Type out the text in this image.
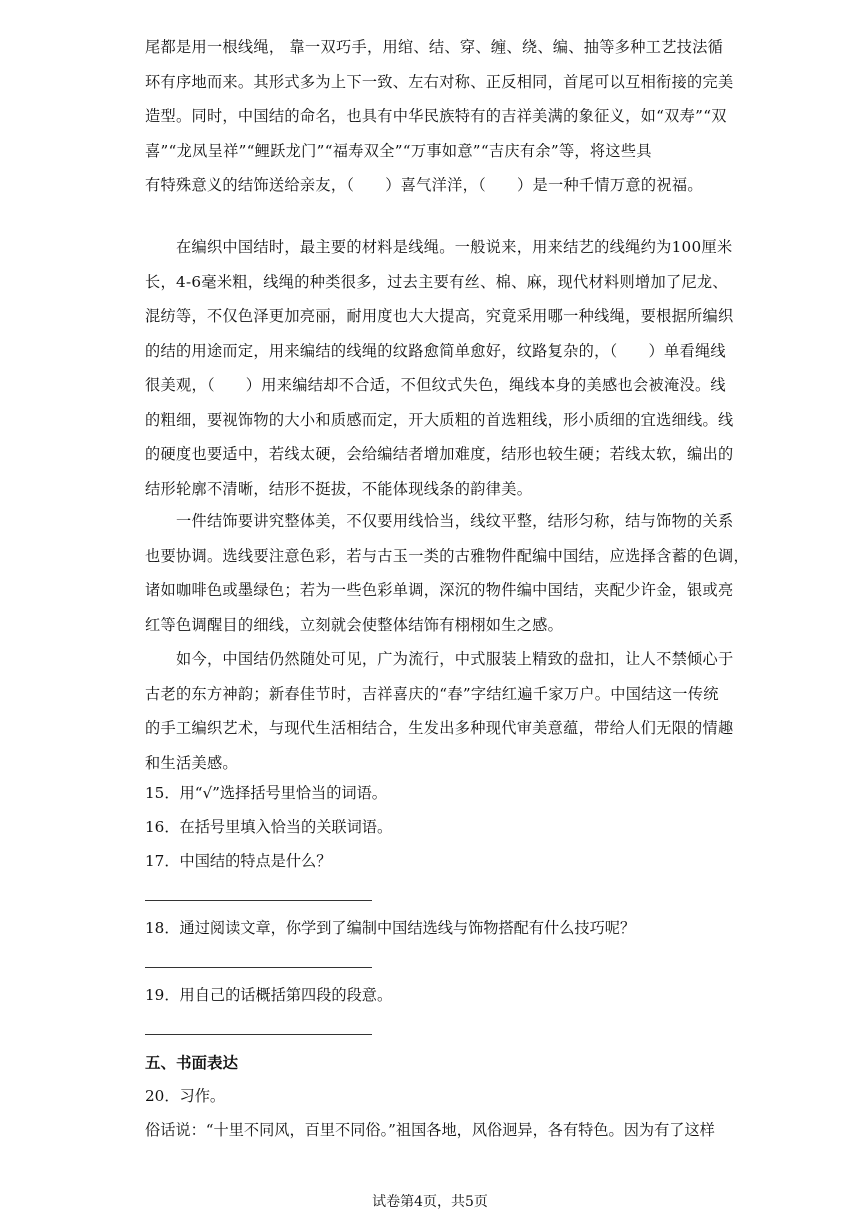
尾都是用一根线绳， 靠一双巧手，用绾、结、穿、缠、绕、编、抽等多种工艺技法循
环有序地而来。其形式多为上下一致、左右对称、正反相同，首尾可以互相衔接的完美
造型。同时，中国结的命名，也具有中华民族特有的吉祥美满的象征义，如“双寿”“双
喜”“龙凤呈祥”“鲤跃龙门”“福寿双全”“万事如意”“吉庆有余”等，将这些具
有特殊意义的结饰送给亲友，（　　）喜气洋洋，（　　）是一种千情万意的祝福。
　　在编织中国结时，最主要的材料是线绳。一般说来，用来结艺的线绳约为100厘米
长，4-6毫米粗，线绳的种类很多，过去主要有丝、棉、麻，现代材料则增加了尼龙、
混纺等，不仅色泽更加亮丽，耐用度也大大提高，究竟采用哪一种线绳，要根据所编织
的结的用途而定，用来编结的线绳的纹路愈简单愈好，纹路复杂的，（　　）单看绳线
很美观，（　　）用来编结却不合适，不但纹式失色，绳线本身的美感也会被淹没。线
的粗细，要视饰物的大小和质感而定，开大质粗的首选粗线，形小质细的宜选细线。线
的硬度也要适中，若线太硬，会给编结者增加难度，结形也较生硬；若线太软，编出的
结形轮廓不清晰，结形不挺拔，不能体现线条的韵律美。
　　一件结饰要讲究整体美，不仅要用线恰当，线纹平整，结形匀称，结与饰物的关系
也要协调。选线要注意色彩，若与古玉一类的古雅物件配编中国结，应选择含蓄的色调，
诸如咖啡色或墨绿色；若为一些色彩单调，深沉的物件编中国结，夹配少许金，银或亮
红等色调醒目的细线，立刻就会使整体结饰有栩栩如生之感。
　　如今，中国结仍然随处可见，广为流行，中式服装上精致的盘扣，让人不禁倾心于
古老的东方神韵；新春佳节时，吉祥喜庆的“春”字结红遍千家万户。中国结这一传统
的手工编织艺术，与现代生活相结合，生发出多种现代审美意蕴，带给人们无限的情趣
和生活美感。
15．用“√”选择括号里恰当的词语。
16．在括号里填入恰当的关联词语。
17．中国结的特点是什么？
18．通过阅读文章，你学到了编制中国结选线与饰物搭配有什么技巧呢？
19．用自己的话概括第四段的段意。
五、书面表达
20．习作。
俗话说：“十里不同风，百里不同俗。”祖国各地，风俗迥异，各有特色。因为有了这样
试卷第4页，共5页
